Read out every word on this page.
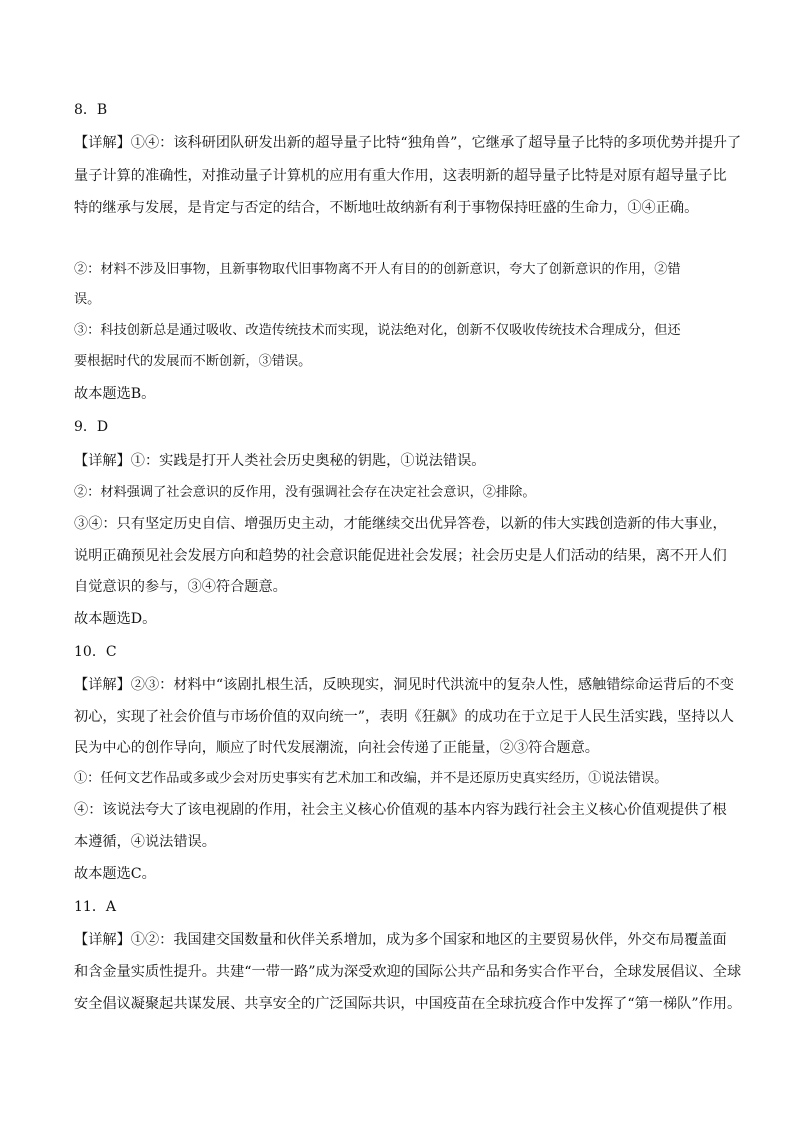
8．B
【详解】①④：该科研团队研发出新的超导量子比特“独角兽”，它继承了超导量子比特的多项优势并提升了
量子计算的准确性，对推动量子计算机的应用有重大作用，这表明新的超导量子比特是对原有超导量子比
特的继承与发展，是肯定与否定的结合，不断地吐故纳新有利于事物保持旺盛的生命力，①④正确。
②：材料不涉及旧事物，且新事物取代旧事物离不开人有目的的创新意识，夸大了创新意识的作用，②错
误。
③：科技创新总是通过吸收、改造传统技术而实现，说法绝对化，创新不仅吸收传统技术合理成分，但还
要根据时代的发展而不断创新，③错误。
故本题选B。
9．D
【详解】①：实践是打开人类社会历史奥秘的钥匙，①说法错误。
②：材料强调了社会意识的反作用，没有强调社会存在决定社会意识，②排除。
③④：只有坚定历史自信、增强历史主动，才能继续交出优异答卷，以新的伟大实践创造新的伟大事业，
说明正确预见社会发展方向和趋势的社会意识能促进社会发展；社会历史是人们活动的结果，离不开人们
自觉意识的参与，③④符合题意。
故本题选D。
10．C
【详解】②③：材料中“该剧扎根生活，反映现实，洞见时代洪流中的复杂人性，感触错综命运背后的不变
初心，实现了社会价值与市场价值的双向统一”，表明《狂飙》的成功在于立足于人民生活实践，坚持以人
民为中心的创作导向，顺应了时代发展潮流，向社会传递了正能量，②③符合题意。
①：任何文艺作品或多或少会对历史事实有艺术加工和改编，并不是还原历史真实经历，①说法错误。
④：该说法夸大了该电视剧的作用，社会主义核心价值观的基本内容为践行社会主义核心价值观提供了根
本遵循，④说法错误。
故本题选C。
11．A
【详解】①②：我国建交国数量和伙伴关系增加，成为多个国家和地区的主要贸易伙伴，外交布局覆盖面
和含金量实质性提升。共建“一带一路”成为深受欢迎的国际公共产品和务实合作平台，全球发展倡议、全球
安全倡议凝聚起共谋发展、共享安全的广泛国际共识，中国疫苗在全球抗疫合作中发挥了“第一梯队”作用。
